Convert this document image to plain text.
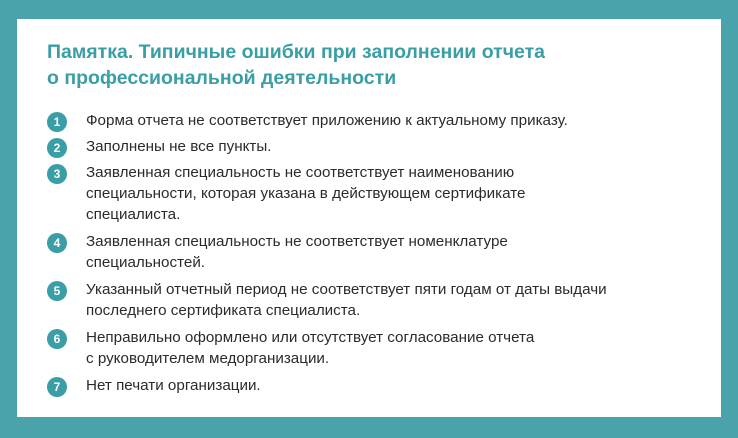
Памятка. Типичные ошибки при заполнении отчета
о профессиональной деятельности
1	Форма отчета не соответствует приложению к актуальному приказу.
2	Заполнены не все пункты.
3	Заявленная специальность не соответствует наименованию
специальности, которая указана в действующем сертификате
специалиста.
4	Заявленная специальность не соответствует номенклатуре
специальностей.
5	Указанный отчетный период не соответствует пяти годам от даты выдачи
последнего сертификата специалиста.
6	Неправильно оформлено или отсутствует согласование отчета
с руководителем медорганизации.
7	Нет печати организации.
